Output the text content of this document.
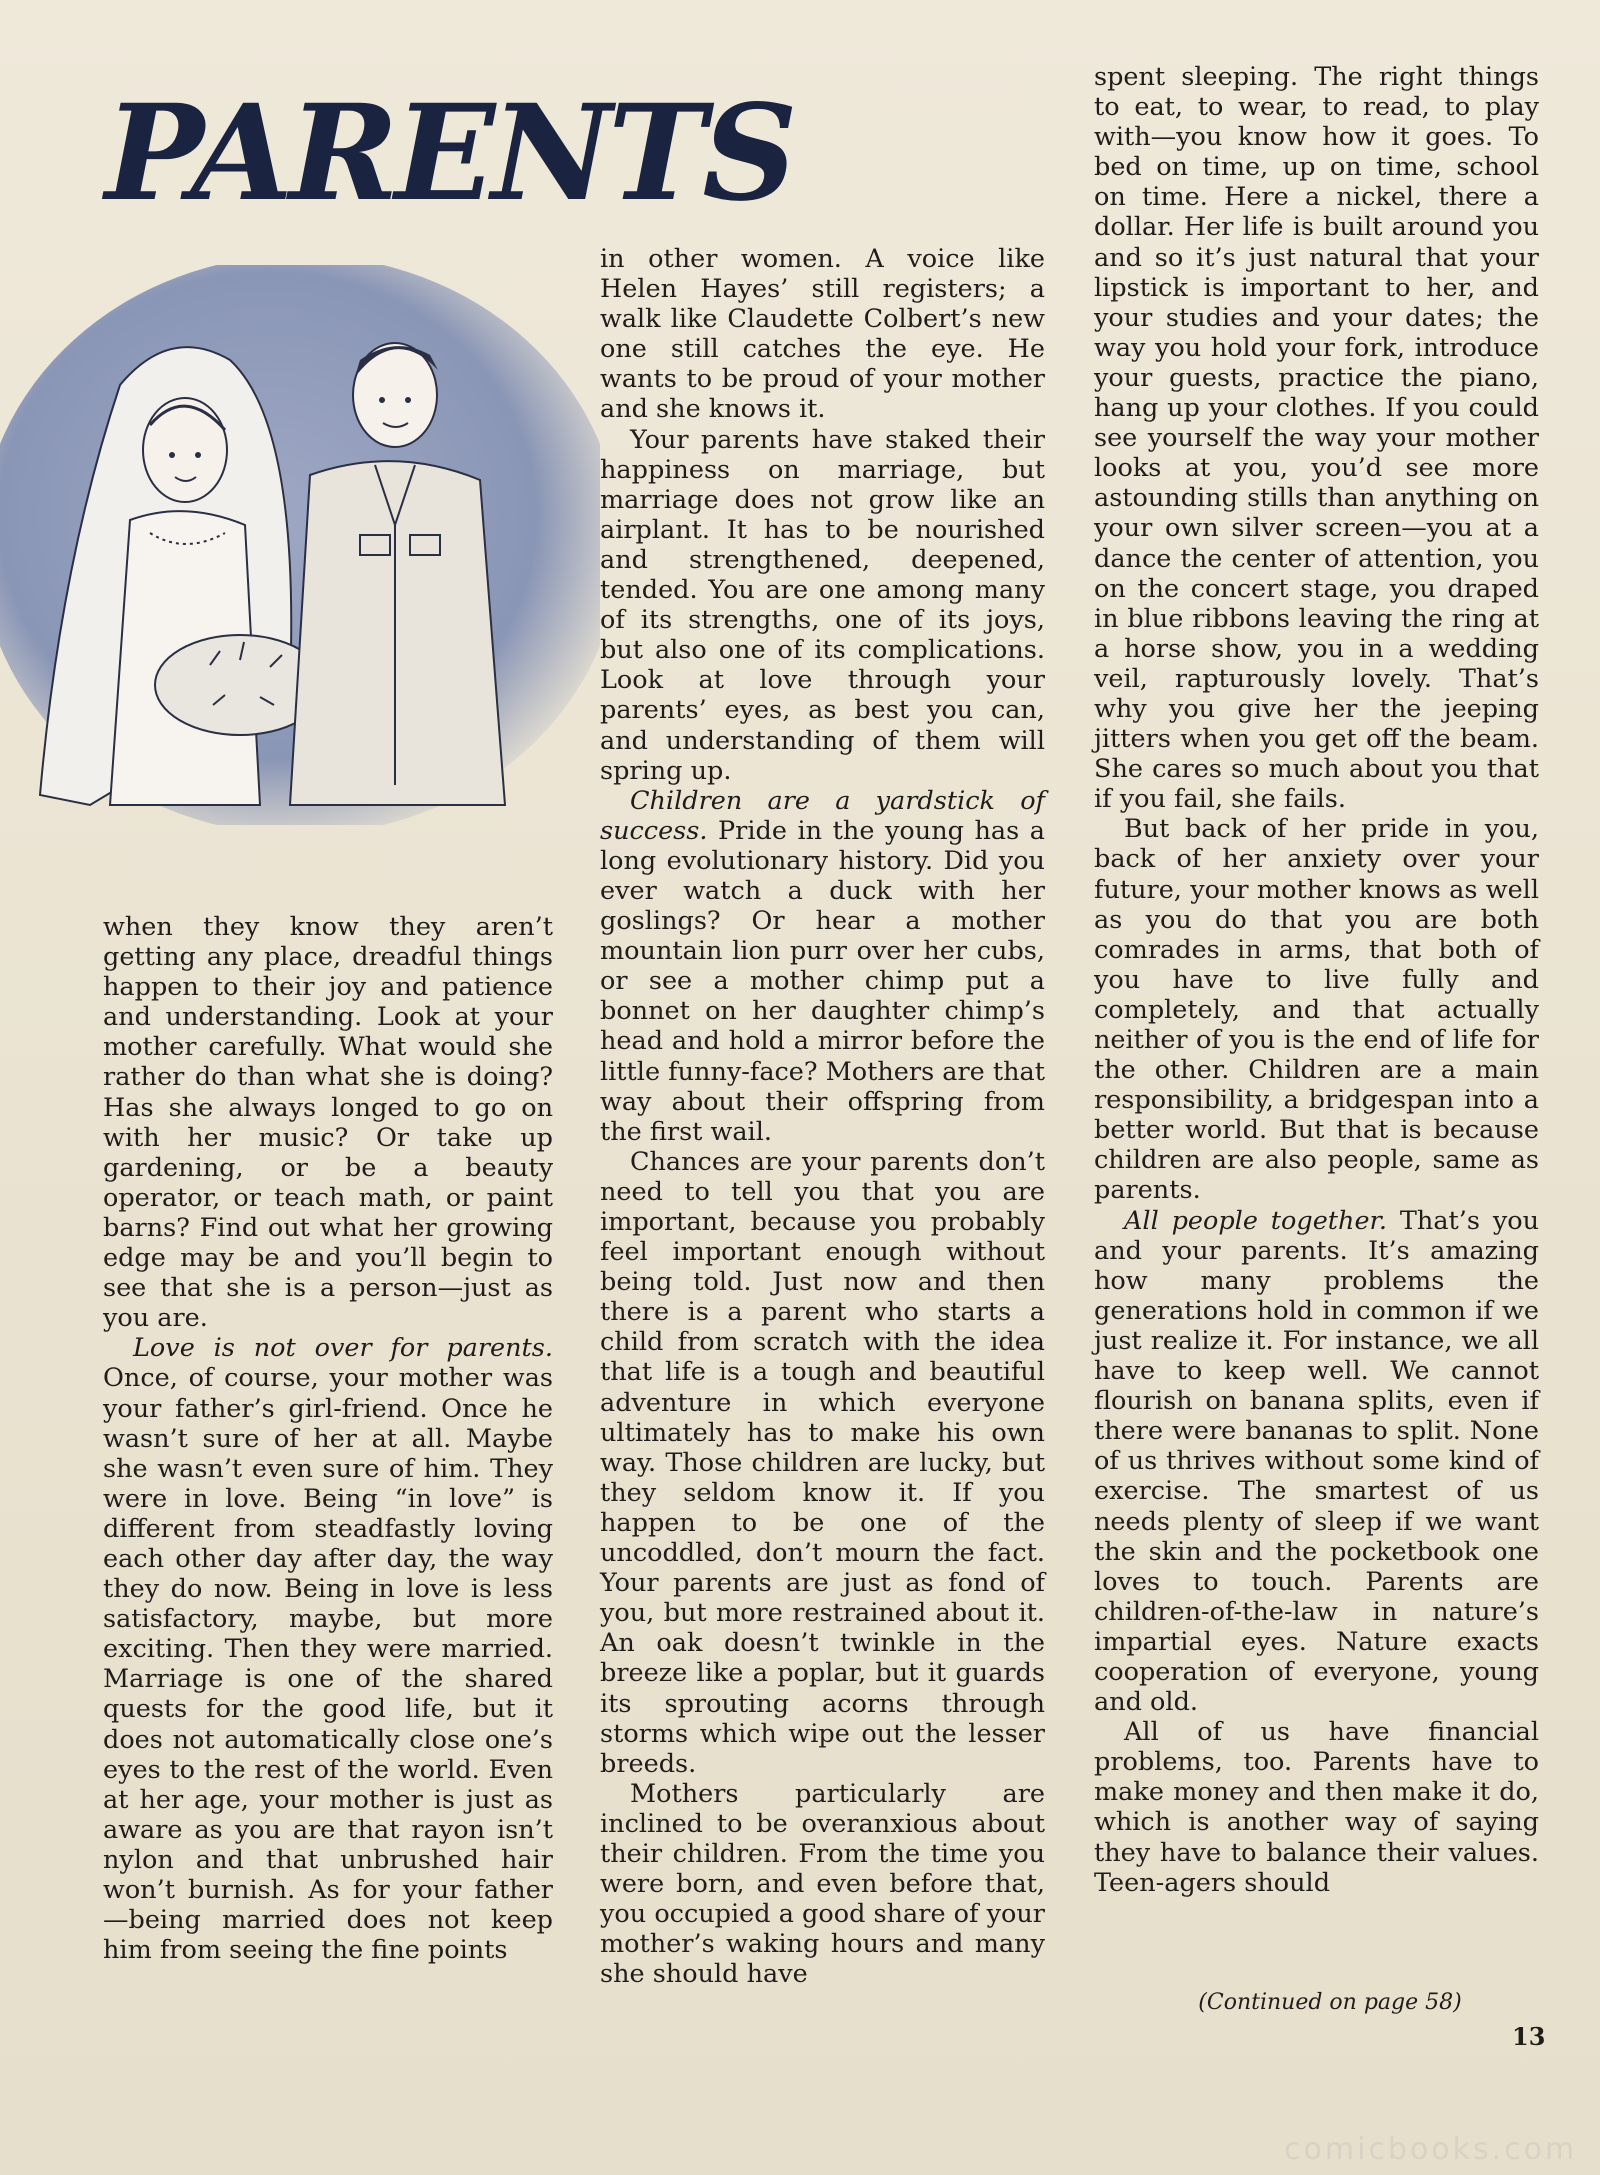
PARENTS

when they know they aren’t getting any place, dreadful things happen to their joy and patience and understanding. Look at your mother carefully. What would she rather do than what she is doing? Has she always longed to go on with her music? Or take up gardening, or be a beauty operator, or teach math, or paint barns? Find out what her growing edge may be and you’ll begin to see that she is a person—just as you are.

Love is not over for parents. Once, of course, your mother was your father’s girl-friend. Once he wasn’t sure of her at all. Maybe she wasn’t even sure of him. They were in love. Being “in love” is different from steadfastly loving each other day after day, the way they do now. Being in love is less satisfactory, maybe, but more exciting. Then they were married. Marriage is one of the shared quests for the good life, but it does not automatically close one’s eyes to the rest of the world. Even at her age, your mother is just as aware as you are that rayon isn’t nylon and that unbrushed hair won’t burnish. As for your father—being married does not keep him from seeing the fine points

in other women. A voice like Helen Hayes’ still registers; a walk like Claudette Colbert’s new one still catches the eye. He wants to be proud of your mother and she knows it.

Your parents have staked their happiness on marriage, but marriage does not grow like an airplant. It has to be nourished and strengthened, deepened, tended. You are one among many of its strengths, one of its joys, but also one of its complications. Look at love through your parents’ eyes, as best you can, and understanding of them will spring up.

Children are a yardstick of success. Pride in the young has a long evolutionary history. Did you ever watch a duck with her goslings? Or hear a mother mountain lion purr over her cubs, or see a mother chimp put a bonnet on her daughter chimp’s head and hold a mirror before the little funny-face? Mothers are that way about their offspring from the first wail.

Chances are your parents don’t need to tell you that you are important, because you probably feel important enough without being told. Just now and then there is a parent who starts a child from scratch with the idea that life is a tough and beautiful adventure in which everyone ultimately has to make his own way. Those children are lucky, but they seldom know it. If you happen to be one of the uncoddled, don’t mourn the fact. Your parents are just as fond of you, but more restrained about it. An oak doesn’t twinkle in the breeze like a poplar, but it guards its sprouting acorns through storms which wipe out the lesser breeds.

Mothers particularly are inclined to be overanxious about their children. From the time you were born, and even before that, you occupied a good share of your mother’s waking hours and many she should have

spent sleeping. The right things to eat, to wear, to read, to play with—you know how it goes. To bed on time, up on time, school on time. Here a nickel, there a dollar. Her life is built around you and so it’s just natural that your lipstick is important to her, and your studies and your dates; the way you hold your fork, introduce your guests, practice the piano, hang up your clothes. If you could see yourself the way your mother looks at you, you’d see more astounding stills than anything on your own silver screen—you at a dance the center of attention, you on the concert stage, you draped in blue ribbons leaving the ring at a horse show, you in a wedding veil, rapturously lovely. That’s why you give her the jeeping jitters when you get off the beam. She cares so much about you that if you fail, she fails.

But back of her pride in you, back of her anxiety over your future, your mother knows as well as you do that you are both comrades in arms, that both of you have to live fully and completely, and that actually neither of you is the end of life for the other. Children are a main responsibility, a bridgespan into a better world. But that is because children are also people, same as parents.

All people together. That’s you and your parents. It’s amazing how many problems the generations hold in common if we just realize it. For instance, we all have to keep well. We cannot flourish on banana splits, even if there were bananas to split. None of us thrives without some kind of exercise. The smartest of us needs plenty of sleep if we want the skin and the pocketbook one loves to touch. Parents are children-of-the-law in nature’s impartial eyes. Nature exacts cooperation of everyone, young and old.

All of us have financial problems, too. Parents have to make money and then make it do, which is another way of saying they have to balance their values. Teen-agers should

(Continued on page 58)
13
comicbooks.com
